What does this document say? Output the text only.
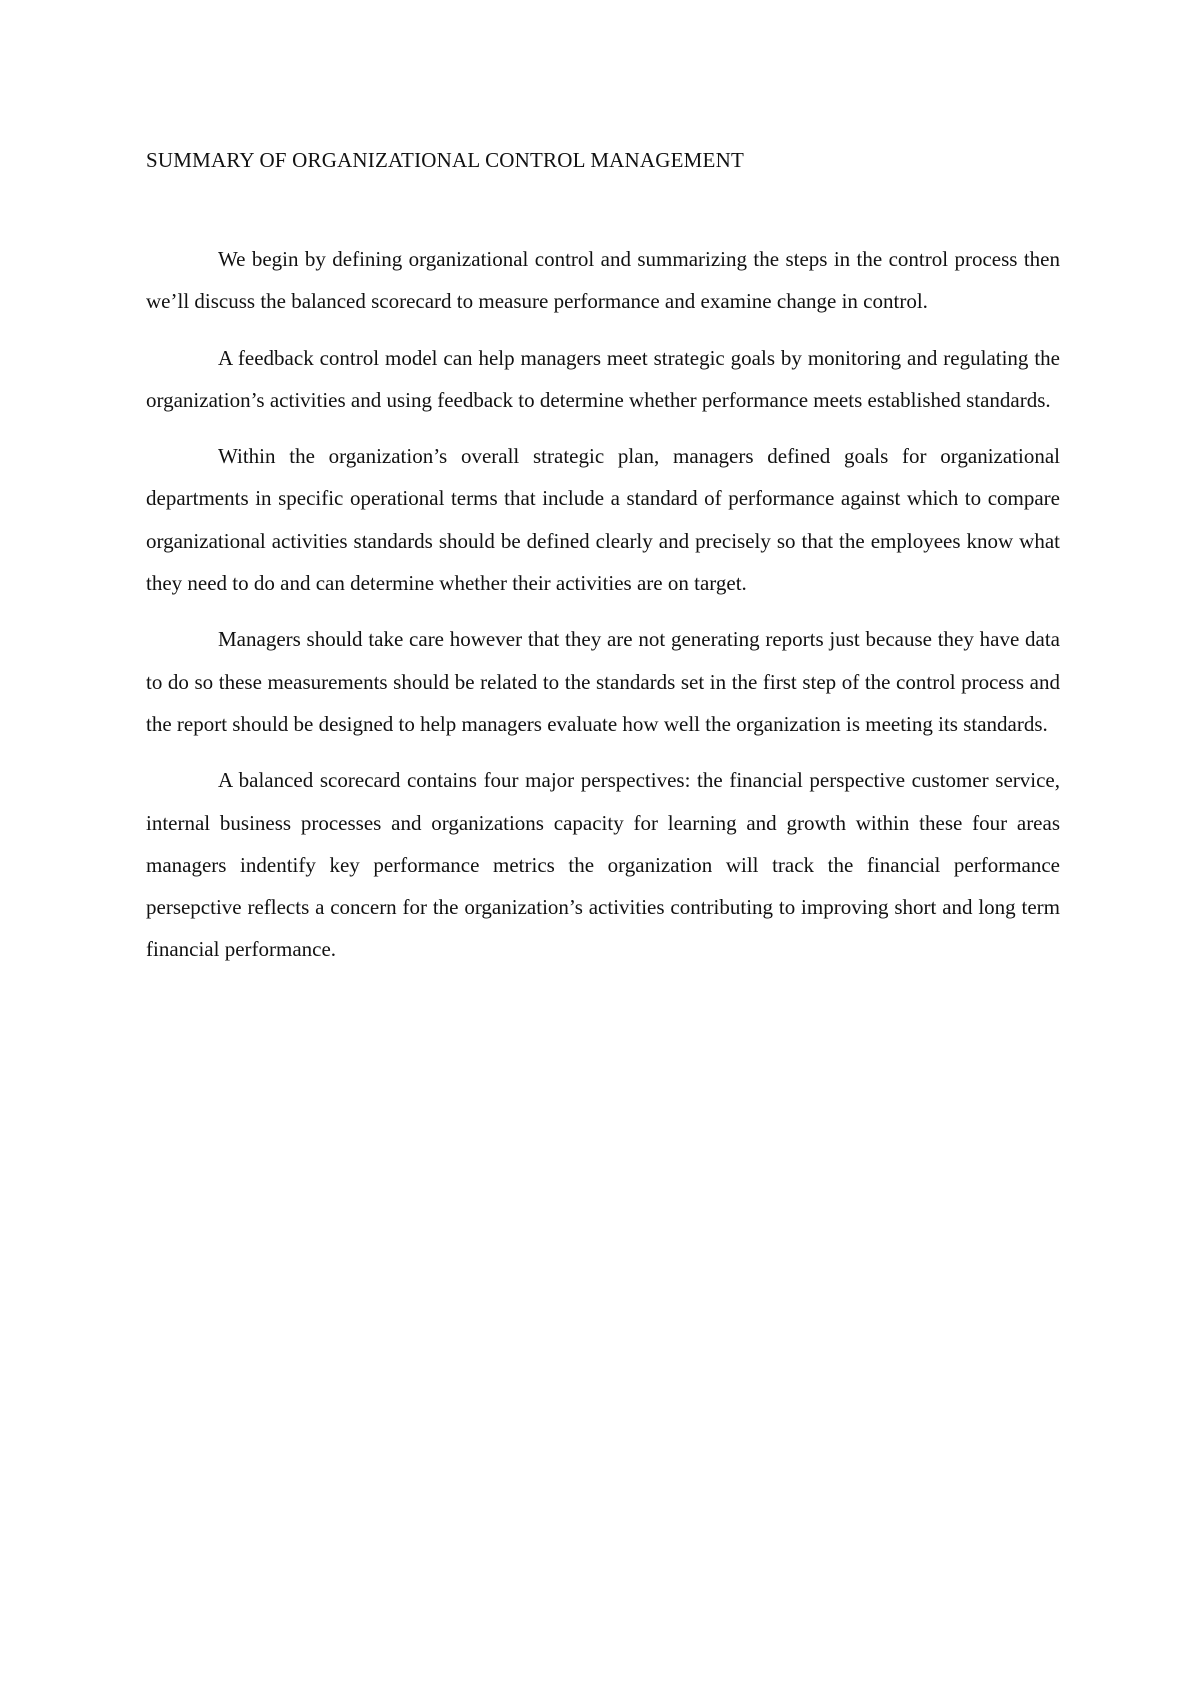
SUMMARY OF ORGANIZATIONAL CONTROL MANAGEMENT

We begin by defining organizational control and summarizing the steps in the control process then we’ll discuss the balanced scorecard to measure performance and examine change in control.

A feedback control model can help managers meet strategic goals by monitoring and regulating the organization’s activities and using feedback to determine whether performance meets established standards.

Within the organization’s overall strategic plan, managers defined goals for organizational departments in specific operational terms that include a standard of performance against which to compare organizational activities standards should be defined clearly and precisely so that the employees know what they need to do and can determine whether their activities are on target.

Managers should take care however that they are not generating reports just because they have data to do so these measurements should be related to the standards set in the first step of the control process and the report should be designed to help managers evaluate how well the organization is meeting its standards.

A balanced scorecard contains four major perspectives: the financial perspective customer service, internal business processes and organizations capacity for learning and growth within these four areas managers indentify key performance metrics the organization will track the financial performance persepctive reflects a concern for the organization’s activities contributing to improving short and long term financial performance.
